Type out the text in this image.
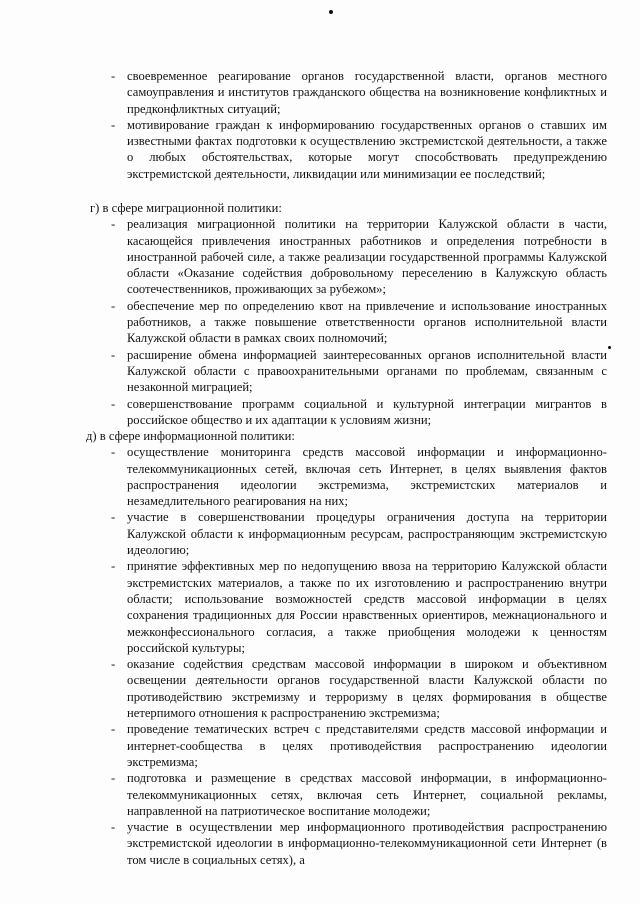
- своевременное реагирование органов государственной власти, органов местного самоуправления и институтов гражданского общества на возникновение конфликтных и предконфликтных ситуаций;

- мотивирование граждан к информированию государственных органов о ставших им известными фактах подготовки к осуществлению экстремистской деятельности, а также о любых обстоятельствах, которые могут способствовать предупреждению экстремистской деятельности, ликвидации или минимизации ее последствий;

г) в сфере миграционной политики:
- реализация миграционной политики на территории Калужской области в части, касающейся привлечения иностранных работников и определения потребности в иностранной рабочей силе, а также реализации государственной программы Калужской области «Оказание содействия добровольному переселению в Калужскую область соотечественников, проживающих за рубежом»;

- обеспечение мер по определению квот на привлечение и использование иностранных работников, а также повышение ответственности органов исполнительной власти Калужской области в рамках своих полномочий;

- расширение обмена информацией заинтересованных органов исполнительной власти Калужской области с правоохранительными органами по проблемам, связанным с незаконной миграцией;

- совершенствование программ социальной и культурной интеграции мигрантов в российское общество и их адаптации к условиям жизни;

д) в сфере информационной политики:
- осуществление мониторинга средств массовой информации и информационно-телекоммуникационных сетей, включая сеть Интернет, в целях выявления фактов распространения идеологии экстремизма, экстремистских материалов и незамедлительного реагирования на них;

- участие в совершенствовании процедуры ограничения доступа на территории Калужской области к информационным ресурсам, распространяющим экстремистскую идеологию;

- принятие эффективных мер по недопущению ввоза на территорию Калужской области экстремистских материалов, а также по их изготовлению и распространению внутри области; использование возможностей средств массовой информации в целях сохранения традиционных для России нравственных ориентиров, межнационального и межконфессионального согласия, а также приобщения молодежи к ценностям российской культуры;

- оказание содействия средствам массовой информации в широком и объективном освещении деятельности органов государственной власти Калужской области по противодействию экстремизму и терроризму в целях формирования в обществе нетерпимого отношения к распространению экстремизма;

- проведение тематических встреч с представителями средств массовой информации и интернет-сообщества в целях противодействия распространению идеологии экстремизма;

- подготовка и размещение в средствах массовой информации, в информационно-телекоммуникационных сетях, включая сеть Интернет, социальной рекламы, направленной на патриотическое воспитание молодежи;

- участие в осуществлении мер информационного противодействия распространению экстремистской идеологии в информационно-телекоммуникационной сети Интернет (в том числе в социальных сетях), а
